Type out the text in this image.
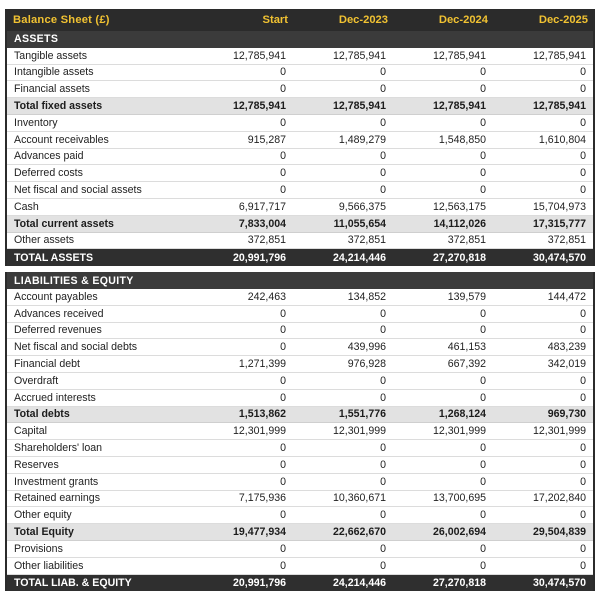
Balance Sheet (£)	Start	Dec-2023	Dec-2024	Dec-2025
ASSETS
Tangible assets	12,785,941	12,785,941	12,785,941	12,785,941
Intangible assets	0	0	0	0
Financial assets	0	0	0	0
Total fixed assets	12,785,941	12,785,941	12,785,941	12,785,941
Inventory	0	0	0	0
Account receivables	915,287	1,489,279	1,548,850	1,610,804
Advances paid	0	0	0	0
Deferred costs	0	0	0	0
Net fiscal and social assets	0	0	0	0
Cash	6,917,717	9,566,375	12,563,175	15,704,973
Total current assets	7,833,004	11,055,654	14,112,026	17,315,777
Other assets	372,851	372,851	372,851	372,851
TOTAL ASSETS	20,991,796	24,214,446	27,270,818	30,474,570
LIABILITIES & EQUITY
Account payables	242,463	134,852	139,579	144,472
Advances received	0	0	0	0
Deferred revenues	0	0	0	0
Net fiscal and social debts	0	439,996	461,153	483,239
Financial debt	1,271,399	976,928	667,392	342,019
Overdraft	0	0	0	0
Accrued interests	0	0	0	0
Total debts	1,513,862	1,551,776	1,268,124	969,730
Capital	12,301,999	12,301,999	12,301,999	12,301,999
Shareholders' loan	0	0	0	0
Reserves	0	0	0	0
Investment grants	0	0	0	0
Retained earnings	7,175,936	10,360,671	13,700,695	17,202,840
Other equity	0	0	0	0
Total Equity	19,477,934	22,662,670	26,002,694	29,504,839
Provisions	0	0	0	0
Other liabilities	0	0	0	0
TOTAL LIAB. & EQUITY	20,991,796	24,214,446	27,270,818	30,474,570
